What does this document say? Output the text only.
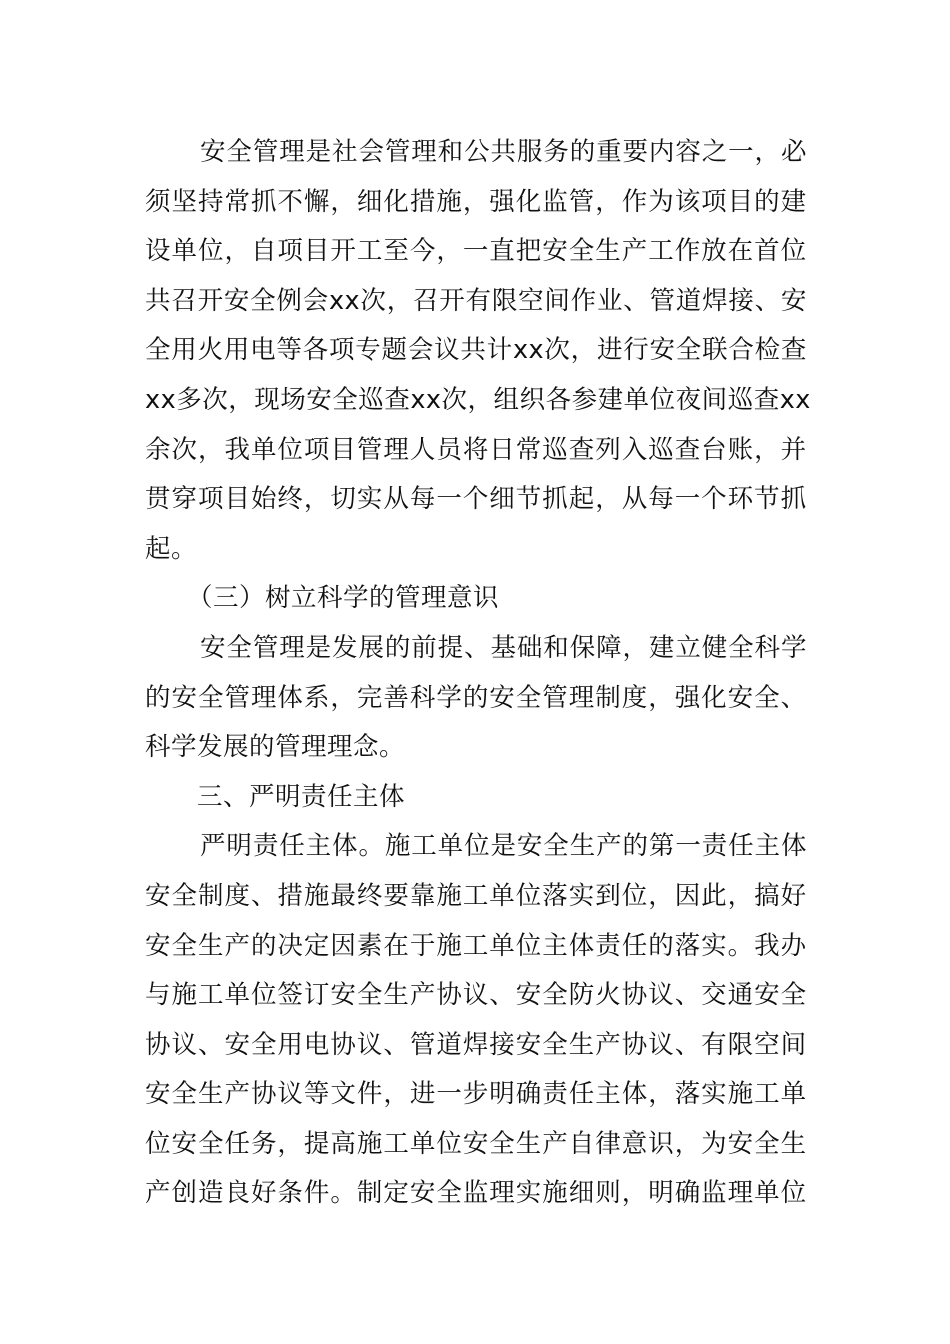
安 全 管 理 是 社 会 管 理 和 公 共 服 务 的 重 要 内 容 之 一 ， 必
须 坚 持 常 抓 不 懈 ， 细 化 措 施 ， 强 化 监 管 ， 作 为 该 项 目 的 建
设 单 位 ， 自 项 目 开 工 至 今 ， 一 直 把 安 全 生 产 工 作 放 在 首 位
共 召 开 安 全 例 会 xx 次 ， 召 开 有 限 空 间 作 业 、 管 道 焊 接 、 安
全 用 火 用 电 等 各 项 专 题 会 议 共 计 xx 次 ， 进 行 安 全 联 合 检 查
xx 多 次 ， 现 场 安 全 巡 查 xx 次 ， 组 织 各 参 建 单 位 夜 间 巡 查 xx
余 次 ， 我 单 位 项 目 管 理 人 员 将 日 常 巡 查 列 入 巡 查 台 账 ， 并
贯 穿 项 目 始 终 ， 切 实 从 每 一 个 细 节 抓 起 ， 从 每 一 个 环 节 抓
起。
（三）树立科学的管理意识
安 全 管 理 是 发 展 的 前 提 、 基 础 和 保 障 ， 建 立 健 全 科 学
的 安 全 管 理 体 系 ， 完 善 科 学 的 安 全 管 理 制 度 ， 强 化 安 全 、
科学发展的管理理念。
三、严明责任主体
严 明 责 任 主 体 。 施 工 单 位 是 安 全 生 产 的 第 一 责 任 主 体
安 全 制 度 、 措 施 最 终 要 靠 施 工 单 位 落 实 到 位 ， 因 此 ， 搞 好
安 全 生 产 的 决 定 因 素 在 于 施 工 单 位 主 体 责 任 的 落 实 。 我 办
与 施 工 单 位 签 订 安 全 生 产 协 议 、 安 全 防 火 协 议 、 交 通 安 全
协 议 、 安 全 用 电 协 议 、 管 道 焊 接 安 全 生 产 协 议 、 有 限 空 间
安 全 生 产 协 议 等 文 件 ， 进 一 步 明 确 责 任 主 体 ， 落 实 施 工 单
位 安 全 任 务 ， 提 高 施 工 单 位 安 全 生 产 自 律 意 识 ， 为 安 全 生
产 创 造 良 好 条 件 。 制 定 安 全 监 理 实 施 细 则 ， 明 确 监 理 单 位
